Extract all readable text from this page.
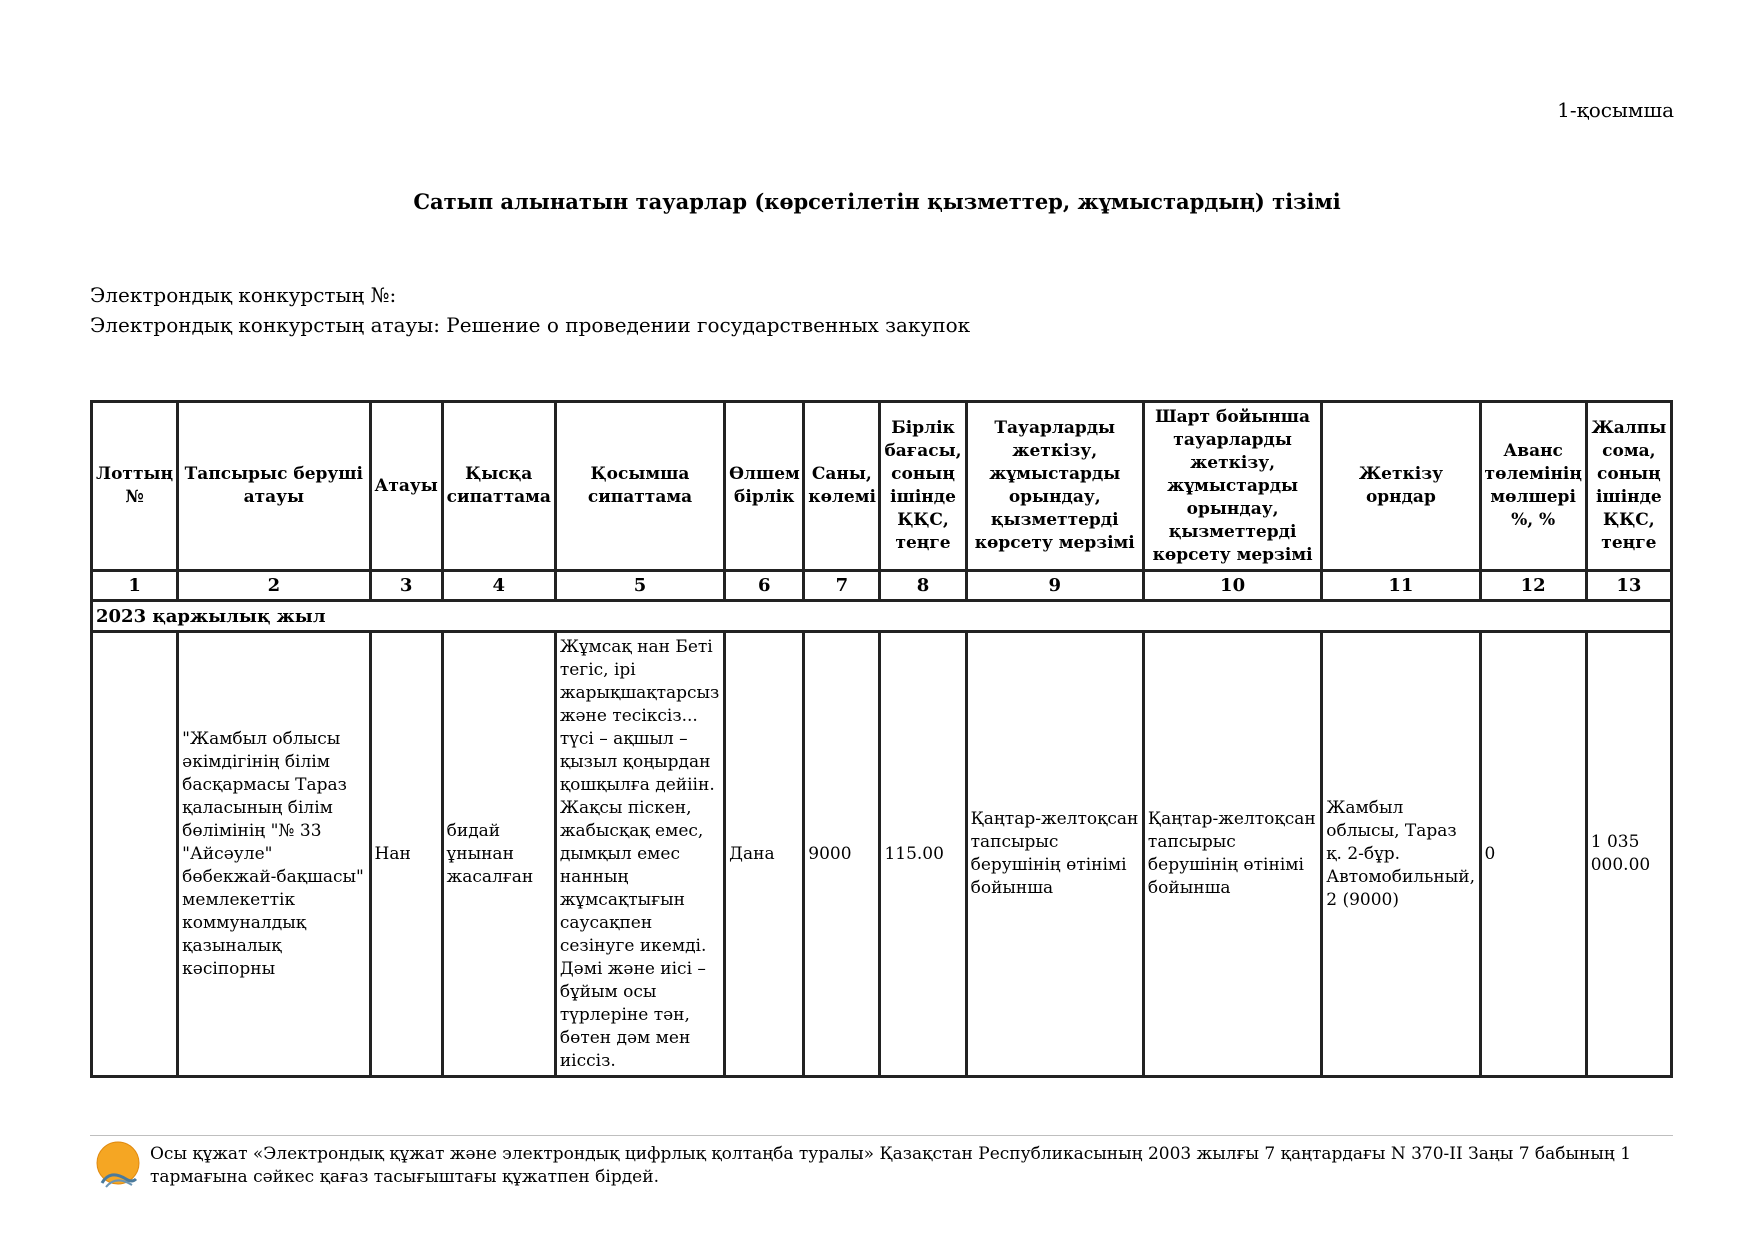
1-қосымша
Сатып алынатын тауарлар (көрсетілетін қызметтер, жұмыстардың) тізімі
Электрондық конкурстың №:
Электрондық конкурстың атауы: Решение о проведении государственных закупок
Лоттың №	Тапсырыс беруші атауы	Атауы	Қысқа сипаттама	Қосымша сипаттама	Өлшем бірлік	Саны, көлемі	Бірлік бағасы, соның ішінде ҚҚС, теңге	Тауарларды жеткізу, жұмыстарды орындау, қызметтерді көрсету мерзімі	Шарт бойынша тауарларды жеткізу, жұмыстарды орындау, қызметтерді көрсету мерзімі	Жеткізу орндар	Аванс төлемінің мөлшері %, %	Жалпы сома, соның ішінде ҚҚС, теңге
1	2	3	4	5	6	7	8	9	10	11	12	13
2023 қаржылық жыл												
	"Жамбыл облысы әкімдігінің білім басқармасы Тараз қаласының білім бөлімінің "№ 33 "Айсәуле" бөбекжай-бақшасы" мемлекеттік коммуналдық қазыналық кәсіпорны	Нан	бидай ұнынан жасалған	Жұмсақ нан Беті тегіс, ірі жарықшақтарсыз және тесіксіз... түсі – ақшыл – қызыл қоңырдан қошқылға дейіін. Жақсы піскен, жабысқақ емес, дымқыл емес нанның жұмсақтығын саусақпен сезінуге икемді. Дәмі және иісі – бұйым осы түрлеріне тән, бөтен дәм мен иіссіз.	Дана	9000	115.00	Қаңтар-желтоқсан тапсырыс берушінің өтінімі бойынша	Қаңтар-желтоқсан тапсырыс берушінің өтінімі бойынша	Жамбыл облысы, Тараз қ. 2-бұр. Автомобильный, 2 (9000)	0	1 035 000.00
Осы құжат «Электрондық құжат және электрондық цифрлық қолтаңба туралы» Қазақстан Республикасының 2003 жылғы 7 қаңтардағы N 370-II Заңы 7 бабының 1 тармағына сәйкес қағаз тасығыштағы құжатпен бірдей.
